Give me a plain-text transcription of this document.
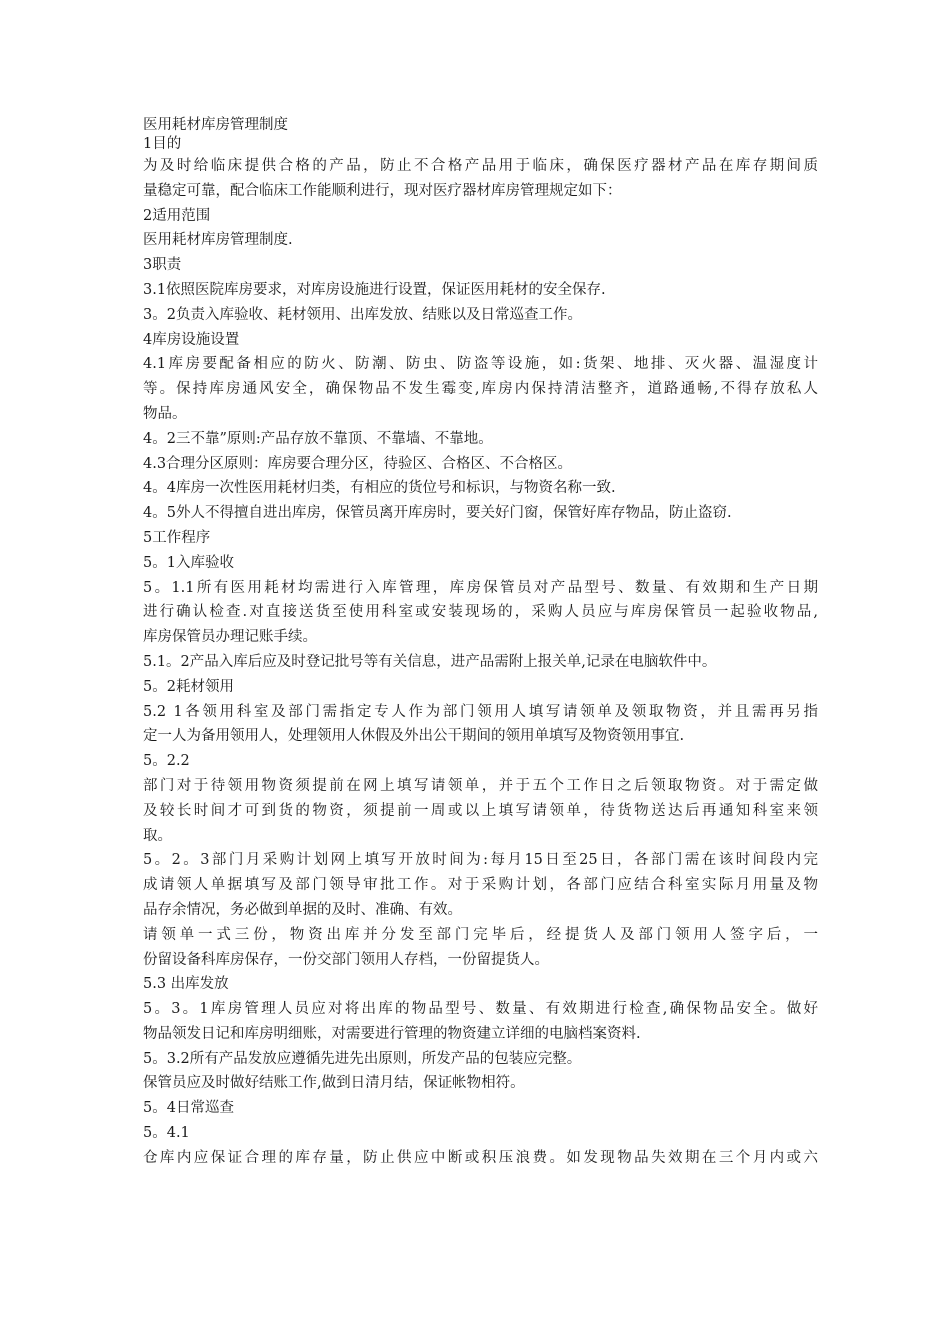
医用耗材库房管理制度
1目的
为及时给临床提供合格的产品，防止不合格产品用于临床，确保医疗器材产品在库存期间质
量稳定可靠，配合临床工作能顺利进行，现对医疗器材库房管理规定如下：
2适用范围
医用耗材库房管理制度.
3职责
3.1依照医院库房要求，对库房设施进行设置，保证医用耗材的安全保存.
3。2负责入库验收、耗材领用、出库发放、结账以及日常巡查工作。
4库房设施设置
4.1库房要配备相应的防火、防潮、防虫、防盗等设施，如:货架、地排、灭火器、温湿度计
等。保持库房通风安全，确保物品不发生霉变,库房内保持清洁整齐，道路通畅,不得存放私人
物品。
4。2三不靠”原则:产品存放不靠顶、不靠墙、不靠地。
4.3合理分区原则：库房要合理分区，待验区、合格区、不合格区。
4。4库房一次性医用耗材归类，有相应的货位号和标识，与物资名称一致.
4。5外人不得擅自进出库房，保管员离开库房时，要关好门窗，保管好库存物品，防止盗窃.
5工作程序
5。1入库验收
5。1.1所有医用耗材均需进行入库管理，库房保管员对产品型号、数量、有效期和生产日期
进行确认检查.对直接送货至使用科室或安装现场的，采购人员应与库房保管员一起验收物品,
库房保管员办理记账手续。
5.1。2产品入库后应及时登记批号等有关信息，进产品需附上报关单,记录在电脑软件中。
5。2耗材领用
5.2 1各领用科室及部门需指定专人作为部门领用人填写请领单及领取物资，并且需再另指
定一人为备用领用人，处理领用人休假及外出公干期间的领用单填写及物资领用事宜.
5。2.2
部门对于待领用物资须提前在网上填写请领单，并于五个工作日之后领取物资。对于需定做
及较长时间才可到货的物资，须提前一周或以上填写请领单，待货物送达后再通知科室来领
取。
5。2。3部门月采购计划网上填写开放时间为:每月15日至25日，各部门需在该时间段内完
成请领人单据填写及部门领导审批工作。对于采购计划，各部门应结合科室实际月用量及物
品存余情况，务必做到单据的及时、准确、有效。
请领单一式三份，物资出库并分发至部门完毕后，经提货人及部门领用人签字后，一
份留设备科库房保存，一份交部门领用人存档，一份留提货人。
5.3 出库发放
5。3。1库房管理人员应对将出库的物品型号、数量、有效期进行检查,确保物品安全。做好
物品领发日记和库房明细账，对需要进行管理的物资建立详细的电脑档案资料.
5。3.2所有产品发放应遵循先进先出原则，所发产品的包装应完整。
保管员应及时做好结账工作,做到日清月结，保证帐物相符。
5。4日常巡查
5。4.1
仓库内应保证合理的库存量，防止供应中断或积压浪费。如发现物品失效期在三个月内或六
